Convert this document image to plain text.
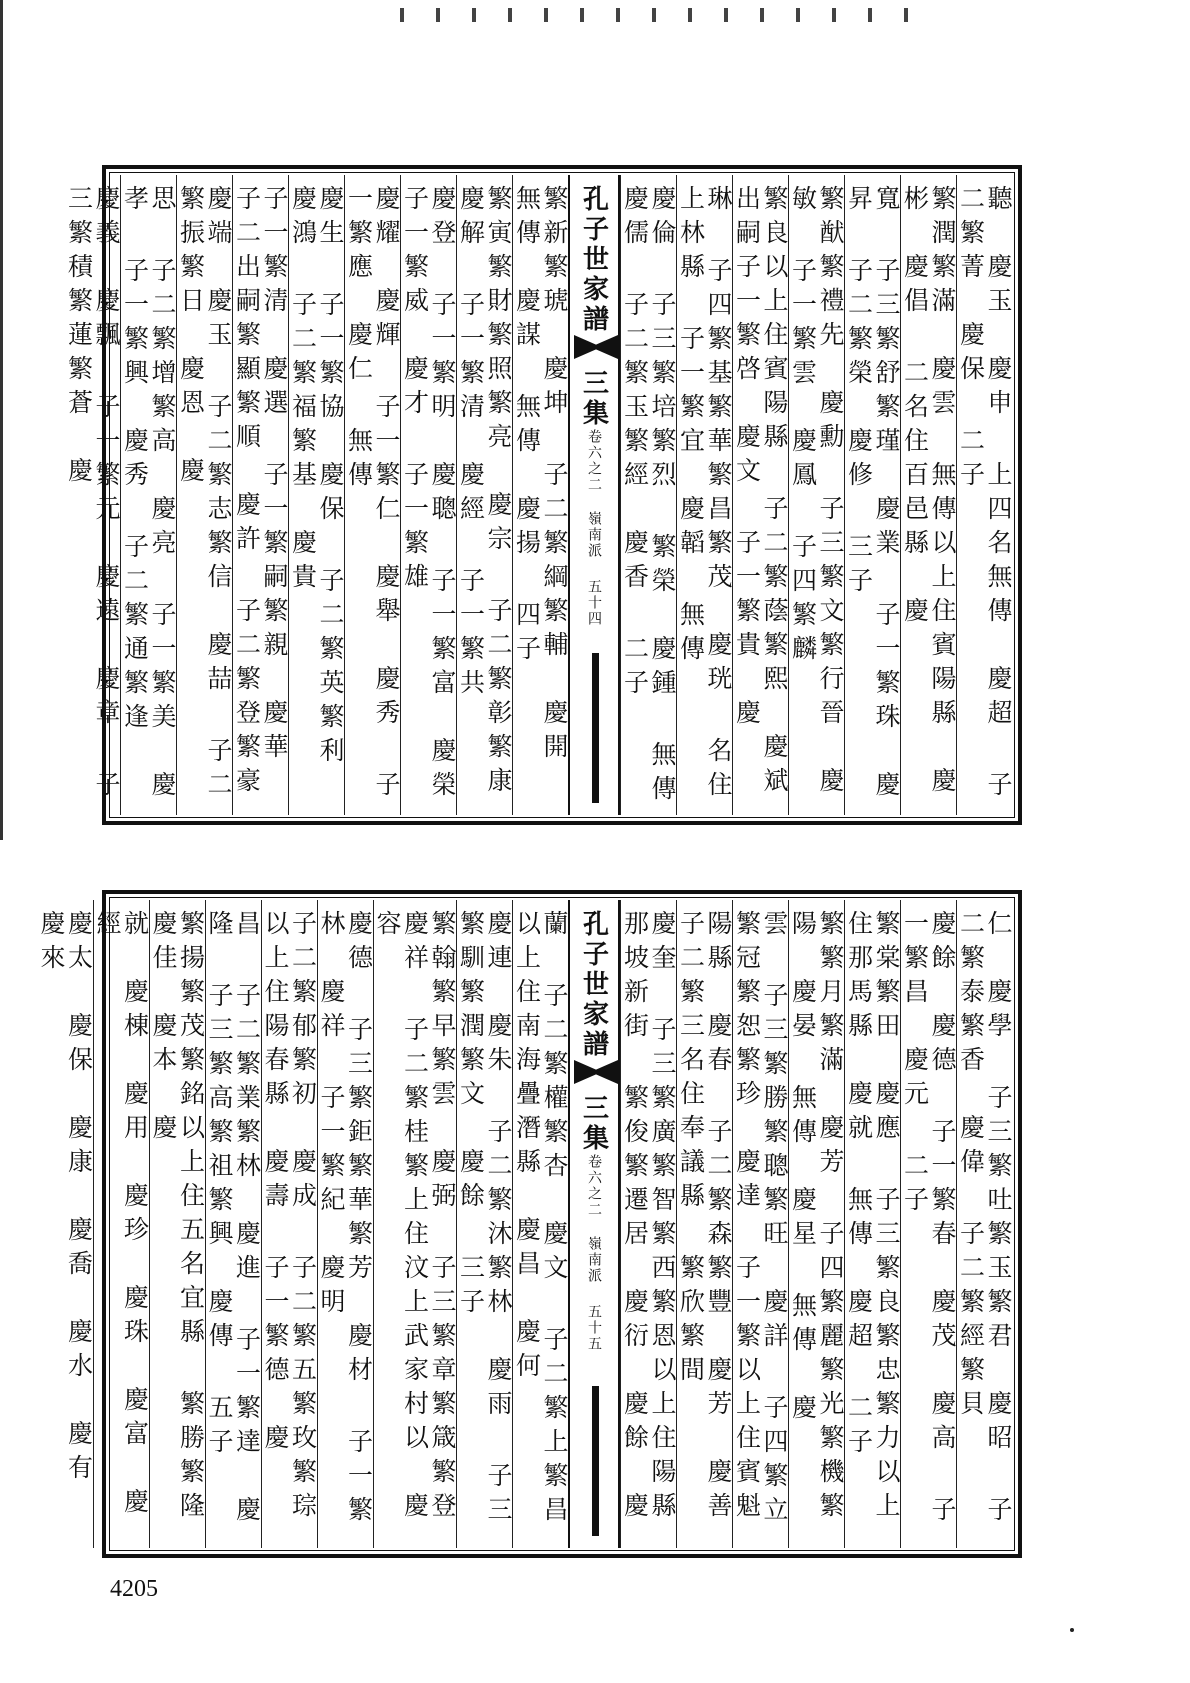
聽　慶玉　慶申 上四名無傳　慶超 子二繁菁　慶保 二子
繁潤繁滿　慶雲 無傳以上住賓陽縣　慶彬　慶倡 二名住百邑縣　慶
寬 子三繁舒繁瑾　慶業 子一繁珠　慶昇 子二繁榮　慶修 三子
繁猷繁禮先　慶勳 子三繁文繁行晉　慶敏 子一繁雲　慶鳳 子四繁麟
繁良以上住賓陽縣 子二繁蔭繁熙　慶斌 出嗣子一繁啓　慶文 子一繁貴　慶
琳 子四繁基繁華繁昌繁茂　慶珖 名住上林縣 子一繁宜　慶韜 無傳
慶倫 子三繁培繁烈 繁榮　慶鍾 無傳　慶儒 子二繁玉繁經　慶香 二子
孔子世家譜
三集
卷六之二 嶺南派
五十四
繁新繁琥　慶坤 子二繁綱繁輔　慶開 無傳　慶謀 無傳　慶揚 四子
繁寅繁財繁照繁亮　慶宗 子二繁彰繁康　慶解 子一繁清　慶經 子一繁共
慶登 子一繁明　慶聰 子一繁富　慶榮 子一繁威　慶才 子一繁雄
慶耀　慶輝 子一繁仁　慶舉　慶秀 子一繁應　慶仁 無傳
慶生 子一繁協　慶保 子二繁英繁利　慶鴻 子二繁福繁基　慶貴
子一繁清　慶選 子一繁嗣繁親　慶華 子二出嗣繁顯繁順　慶許 子二繁登繁豪
慶端　慶玉 子二繁志繁信　慶喆 子二繁振繁日　慶恩　慶
思 子二繁增繁高　慶亮 子一繁美　慶孝 子一繁興　慶秀 子二繁通繁逢
慶義　慶飄 子一繁元　慶遠　慶章 子三繁積繁蓮繁蒼　慶
仁　慶學 子三繁吐繁玉繁君　慶昭 子二繁泰繁香　慶偉 子二繁經繁貝
慶餘　慶德 子一繁春　慶茂　慶高 子一繁昌　慶元 二子
繁棠繁田　慶應 子三繁良繁忠繁力以上住那馬縣　慶就 無傳　慶超 二子
繁繁月繁滿　慶芳 子四繁麗繁光繁機繁陽　慶晏 無傳　慶星 無傳　慶
雲 子三繁勝繁聰繁旺　慶詳 子四繁立繁冠繁恕繁珍　慶達 子一繁以上住賓魁
陽縣　慶春 子二繁森繁豐　慶芳　慶善 子二繁三名住奉議縣 繁欣繁間
慶奎 子三繁廣繁智繁西繁恩以上住陽縣那坡新街 繁俊繁遷居　慶衍　慶餘　慶
孔子世家譜
三集
卷六之二 嶺南派
五十五
蘭 子二繁權繁杏　慶文 子二繁上繁昌以上住南海疊潛縣　慶昌　慶何
慶連　慶朱 子二繁沐繁林　慶雨 子三繁馴繁潤繁文　慶餘 三子
繁翰繁早繁雲　慶弼 子三繁章繁箴繁登　慶祥 子二繁桂繁上住汶上武家村以　慶容
慶德 子三繁鉅繁華繁芳　慶材 子一繁林　慶祥 子一繁紀　慶明
子二繁郁繁初　慶成 子二繁五繁玫繁琮以上住陽春縣　慶壽 子一繁德　慶
昌 子二繁業繁林　慶進 子一繁達　慶隆 子三繁高繁祖繁興　慶傳 五子
繁揚繁茂繁銘以上住五名宜縣 繁勝繁隆　慶佳　慶本　慶
就　慶棟　慶用　慶珍　慶珠　慶富　慶經
慶太　慶保　慶康　慶喬　慶水　慶有　慶來
4205
